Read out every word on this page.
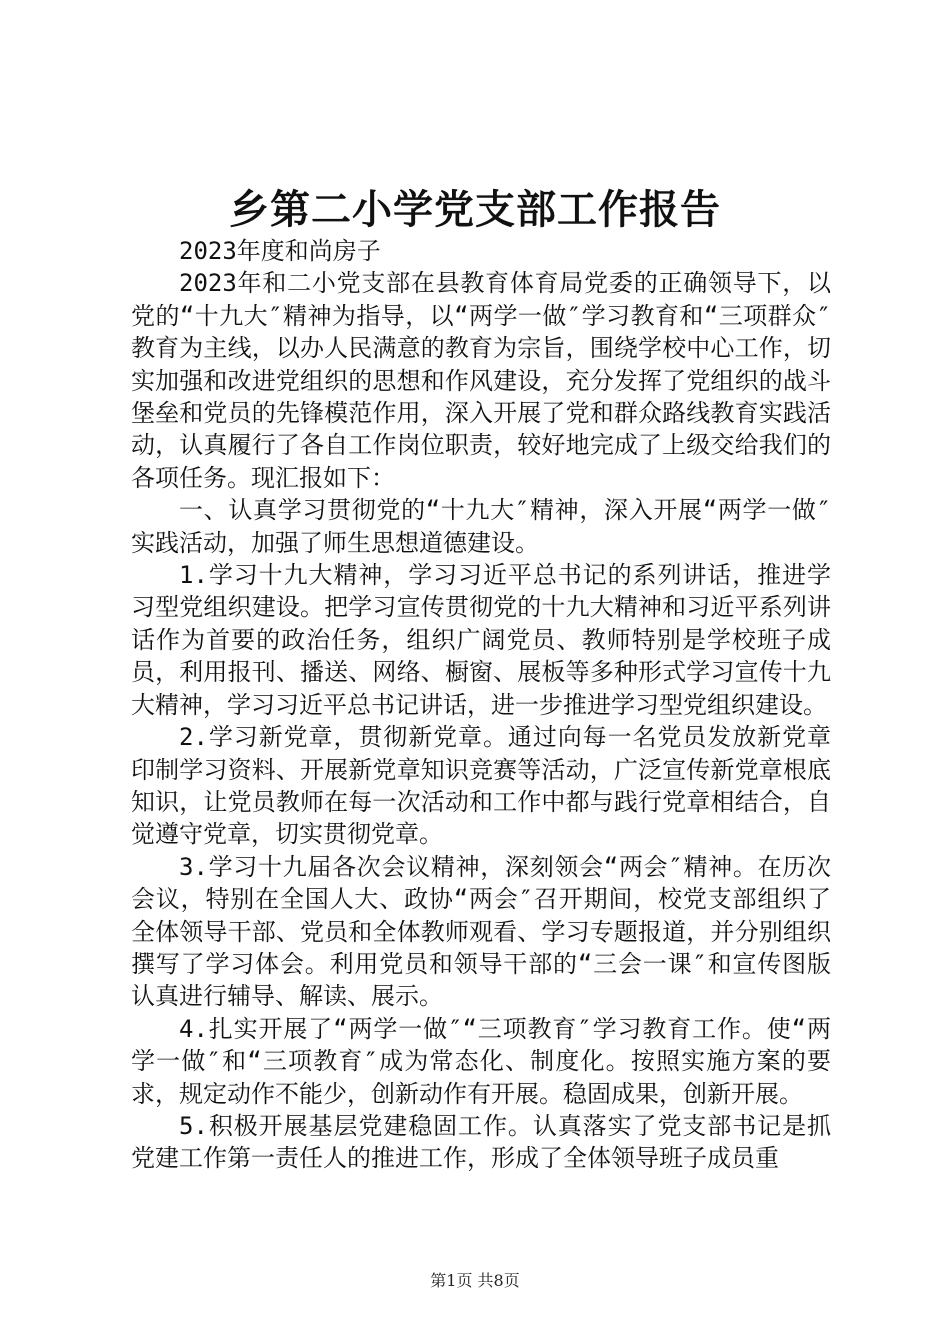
乡第二小学党支部工作报告

2023年度和尚房子

2023年和二小党支部在县教育体育局党委的正确领导下，以党的“十九大″精神为指导，以“两学一做″学习教育和“三项群众″教育为主线，以办人民满意的教育为宗旨，围绕学校中心工作，切实加强和改进党组织的思想和作风建设，充分发挥了党组织的战斗堡垒和党员的先锋模范作用，深入开展了党和群众路线教育实践活动，认真履行了各自工作岗位职责，较好地完成了上级交给我们的各项任务。现汇报如下：

一、认真学习贯彻党的“十九大″精神，深入开展“两学一做″实践活动，加强了师生思想道德建设。

1.学习十九大精神，学习习近平总书记的系列讲话，推进学习型党组织建设。把学习宣传贯彻党的十九大精神和习近平系列讲话作为首要的政治任务，组织广阔党员、教师特别是学校班子成员，利用报刊、播送、网络、橱窗、展板等多种形式学习宣传十九大精神，学习习近平总书记讲话，进一步推进学习型党组织建设。

2.学习新党章，贯彻新党章。通过向每一名党员发放新党章印制学习资料、开展新党章知识竞赛等活动，广泛宣传新党章根底知识，让党员教师在每一次活动和工作中都与践行党章相结合，自觉遵守党章，切实贯彻党章。

3.学习十九届各次会议精神，深刻领会“两会″精神。在历次会议，特别在全国人大、政协“两会″召开期间，校党支部组织了全体领导干部、党员和全体教师观看、学习专题报道，并分别组织撰写了学习体会。利用党员和领导干部的“三会一课″和宣传图版认真进行辅导、解读、展示。

4.扎实开展了“两学一做″“三项教育″学习教育工作。使“两学一做″和“三项教育″成为常态化、制度化。按照实施方案的要求，规定动作不能少，创新动作有开展。稳固成果，创新开展。

5.积极开展基层党建稳固工作。认真落实了党支部书记是抓党建工作第一责任人的推进工作，形成了全体领导班子成员重

第1页 共8页
